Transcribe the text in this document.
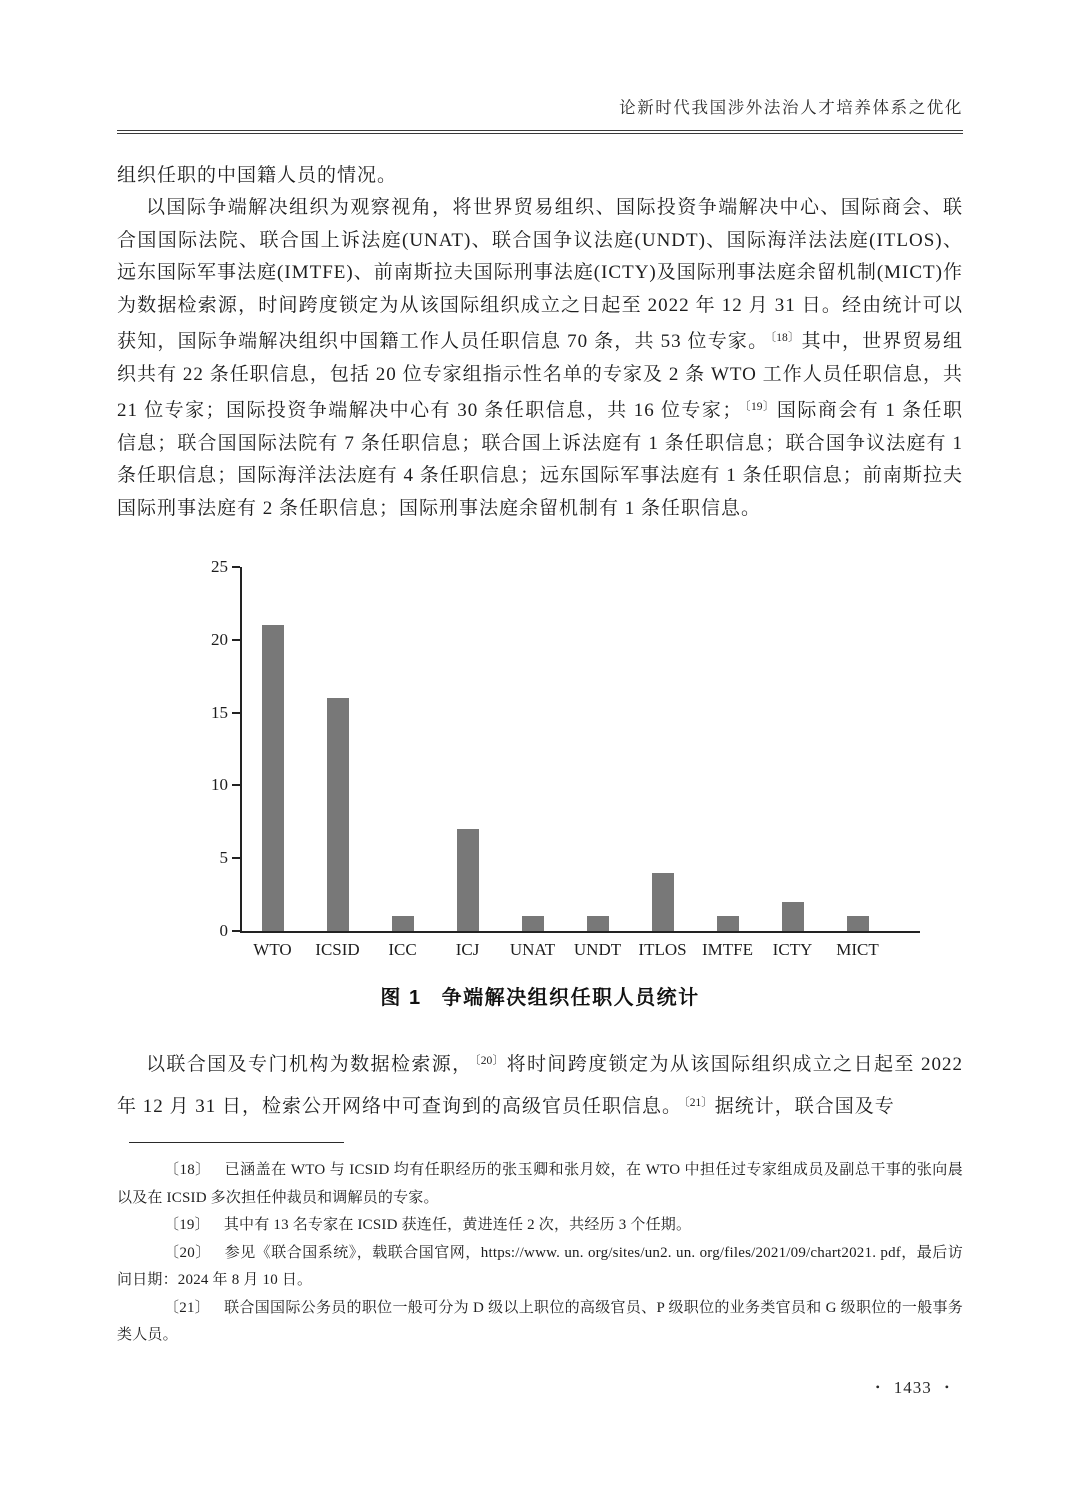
论新时代我国涉外法治人才培养体系之优化

组织任职的中国籍人员的情况。

以国际争端解决组织为观察视角，将世界贸易组织、国际投资争端解决中心、国际商会、联合国国际法院、联合国上诉法庭(UNAT)、联合国争议法庭(UNDT)、国际海洋法法庭(ITLOS)、远东国际军事法庭(IMTFE)、前南斯拉夫国际刑事法庭(ICTY)及国际刑事法庭余留机制(MICT)作为数据检索源，时间跨度锁定为从该国际组织成立之日起至 2022 年 12 月 31 日。经由统计可以获知，国际争端解决组织中国籍工作人员任职信息 70 条，共 53 位专家。 $^{〔18〕}$ 其中，世界贸易组织共有 22 条任职信息，包括 20 位专家组指示性名单的专家及 2 条 WTO 工作人员任职信息，共 21 位专家；国际投资争端解决中心有 30 条任职信息，共 16 位专家； $^{〔19〕}$ 国际商会有 1 条任职信息；联合国国际法院有 7 条任职信息；联合国上诉法庭有 1 条任职信息；联合国争议法庭有 1 条任职信息；国际海洋法法庭有 4 条任职信息；远东国际军事法庭有 1 条任职信息；前南斯拉夫国际刑事法庭有 2 条任职信息；国际刑事法庭余留机制有 1 条任职信息。

0
5
10
15
20
25
WTO	ICSID	ICC	ICJ	UNAT	UNDT	ITLOS IMTFE	ICTY	MICT
图 1 争端解决组织任职人员统计

以联合国及专门机构为数据检索源， $^{〔20〕}$ 将时间跨度锁定为从该国际组织成立之日起至 2022 年 12 月 31 日，检索公开网络中可查询到的高级官员任职信息。 $^{〔21〕}$ 据统计，联合国及专

〔18〕 已涵盖在 WTO 与 ICSID 均有任职经历的张玉卿和张月姣，在 WTO 中担任过专家组成员及副总干事的张向晨以及在 ICSID 多次担任仲裁员和调解员的专家。

〔19〕 其中有 13 名专家在 ICSID 获连任，黄进连任 2 次，共经历 3 个任期。

〔20〕 参见《联合国系统》，载联合国官网，https://www. un. org/sites/un2. un. org/files/2021/09/chart2021. pdf，最后访问日期：2024 年 8 月 10 日。

〔21〕 联合国国际公务员的职位一般可分为 D 级以上职位的高级官员、P 级职位的业务类官员和 G 级职位的一般事务类人员。

• 1433 •
